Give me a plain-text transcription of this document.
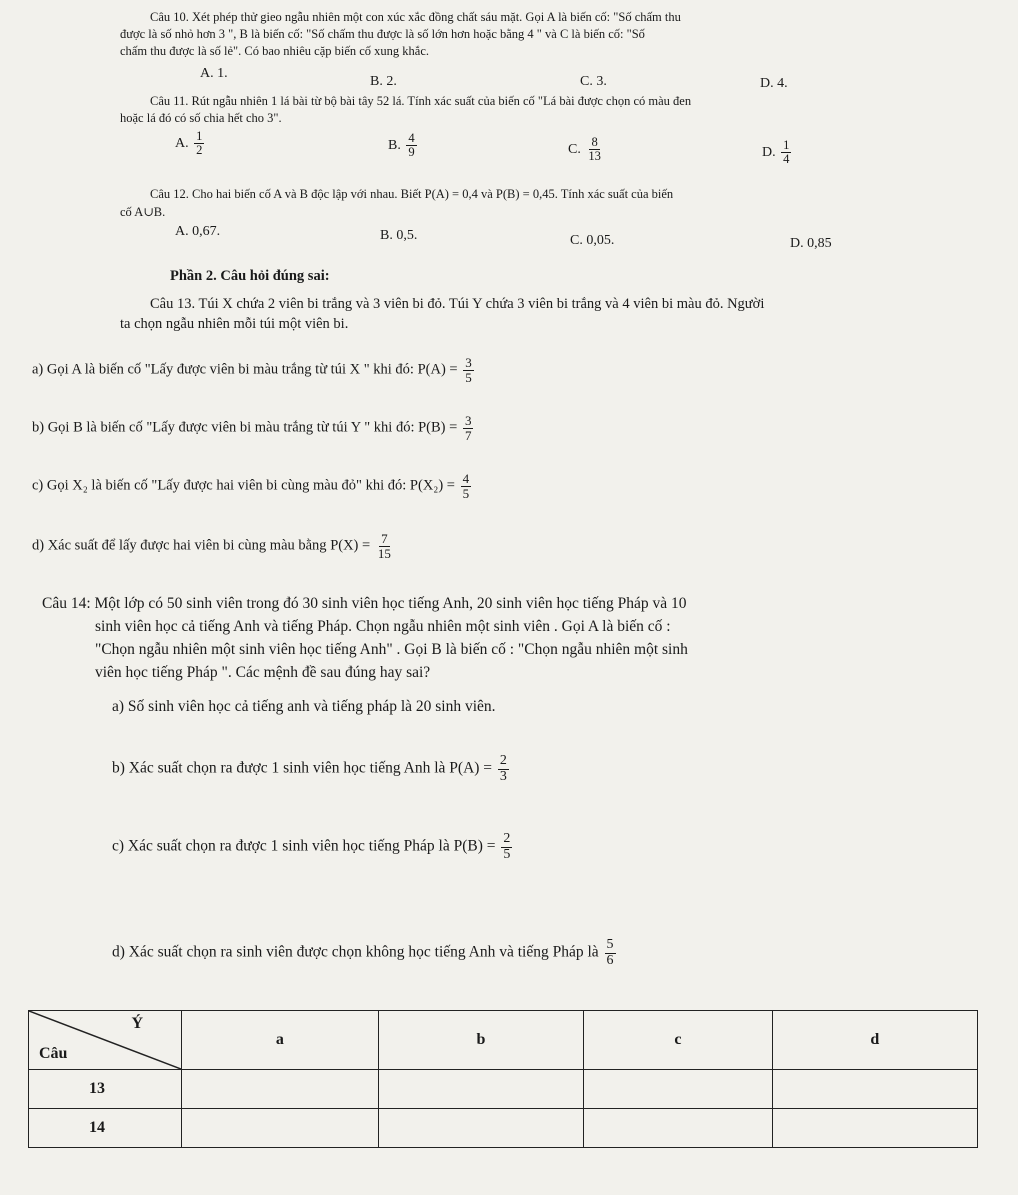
Câu 10. Xét phép thử gieo ngẫu nhiên một con xúc xắc đồng chất sáu mặt. Gọi A là biến cố: "Số chấm thu
được là số nhỏ hơn 3 ", B là biến cố: "Số chấm thu được là số lớn hơn hoặc bằng 4 " và C là biến cố: "Số
chấm thu được là số lẻ". Có bao nhiêu cặp biến cố xung khắc.
A. 1.
B. 2.	C. 3.	D. 4.
Câu 11. Rút ngẫu nhiên 1 lá bài từ bộ bài tây 52 lá. Tính xác suất của biến cố "Lá bài được chọn có màu đen
hoặc lá đó có số chia hết cho 3".
A. $\frac{1}{2}$	B. $\frac{4}{9}$	C. $\frac{8}{13}$	D. $\frac{1}{4}$
Câu 12. Cho hai biến cố A và B độc lập với nhau. Biết P(A) = 0,4 và P(B) = 0,45. Tính xác suất của biến
cố A∪B.
A. 0,67.	B. 0,5.	C. 0,05.	D. 0,85
Phần 2. Câu hỏi đúng sai:
Câu 13. Túi X chứa 2 viên bi trắng và 3 viên bi đỏ. Túi Y chứa 3 viên bi trắng và 4 viên bi màu đỏ. Người
ta chọn ngẫu nhiên mỗi túi một viên bi.
a) Gọi A là biến cố "Lấy được viên bi màu trắng từ túi X " khi đó: $P(A) = \frac{3}{5}$
b) Gọi B là biến cố "Lấy được viên bi màu trắng từ túi Y " khi đó: $P(B) = \frac{3}{7}$
c) Gọi X₂ là biến cố "Lấy được hai viên bi cùng màu đỏ" khi đó: $P(X_2) = \frac{4}{5}$
d) Xác suất để lấy được hai viên bi cùng màu bằng $P(X) = \frac{7}{15}$
Câu 14: Một lớp có 50 sinh viên trong đó 30 sinh viên học tiếng Anh, 20 sinh viên học tiếng Pháp và 10
sinh viên học cả tiếng Anh và tiếng Pháp. Chọn ngẫu nhiên một sinh viên . Gọi A là biến cố :
"Chọn ngẫu nhiên một sinh viên học tiếng Anh" . Gọi B là biến cố : "Chọn ngẫu nhiên một sinh
viên học tiếng Pháp ". Các mệnh đề sau đúng hay sai?
a) Số sinh viên học cả tiếng anh và tiếng pháp là 20 sinh viên.
b) Xác suất chọn ra được 1 sinh viên học tiếng Anh là $P(A) = \frac{2}{3}$
c) Xác suất chọn ra được 1 sinh viên học tiếng Pháp là $P(B) = \frac{2}{5}$
d) Xác suất chọn ra sinh viên được chọn không học tiếng Anh và tiếng Pháp là $\frac{5}{6}$
Ý
Câu	a	b	c	d
13				
14				
